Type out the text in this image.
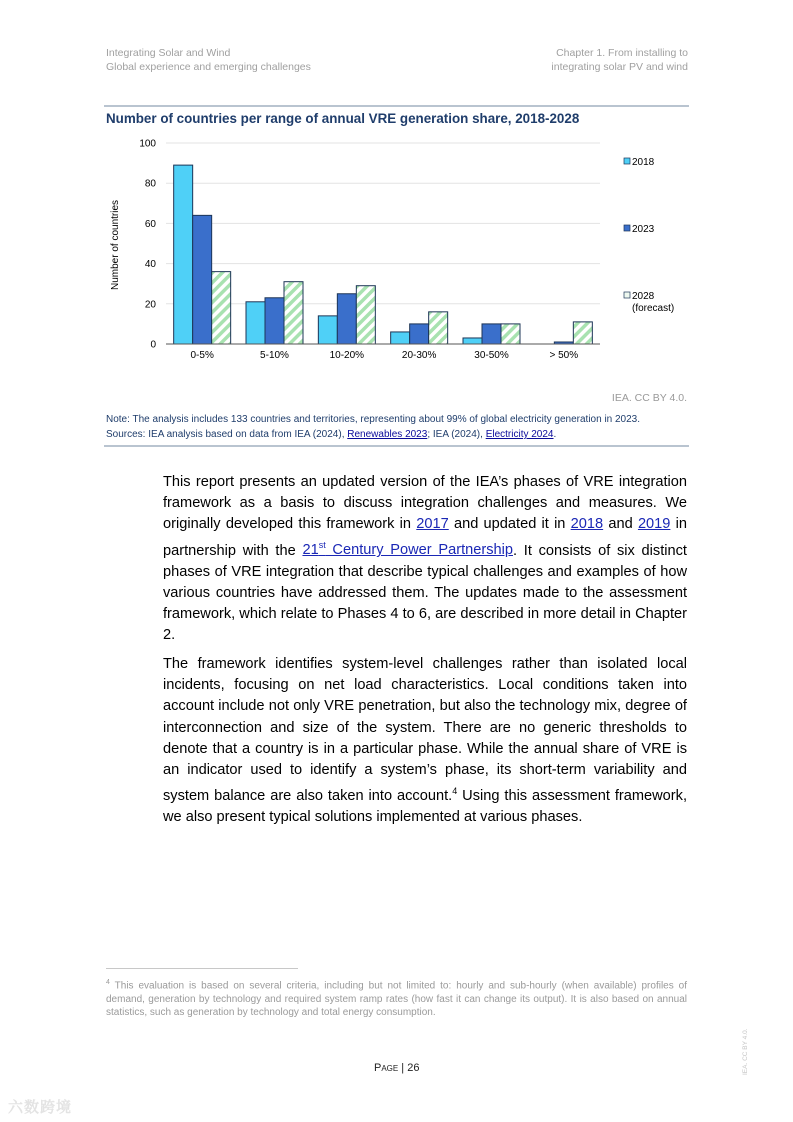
Integrating Solar and Wind
Global experience and emerging challenges
Chapter 1. From installing to
integrating solar PV and wind
Number of countries per range of annual VRE generation share, 2018-2028
0
20
40
60
80
100
Number of countries
0-5%	5-10%	10-20%	20-30%	30-50%	> 50%
2018
2023
2028
(forecast)
IEA. CC BY 4.0.
Note: The analysis includes 133 countries and territories, representing about 99% of global electricity generation in 2023.
Sources: IEA analysis based on data from IEA (2024), Renewables 2023; IEA (2024), Electricity 2024.

This report presents an updated version of the IEA’s phases of VRE integration framework as a basis to discuss integration challenges and measures. We originally developed this framework in 2017 and updated it in 2018 and 2019 in partnership with the 21st Century Power Partnership. It consists of six distinct phases of VRE integration that describe typical challenges and examples of how various countries have addressed them. The updates made to the assessment framework, which relate to Phases 4 to 6, are described in more detail in Chapter 2.

The framework identifies system-level challenges rather than isolated local incidents, focusing on net load characteristics. Local conditions taken into account include not only VRE penetration, but also the technology mix, degree of interconnection and size of the system. There are no generic thresholds to denote that a country is in a particular phase. While the annual share of VRE is an indicator used to identify a system’s phase, its short-term variability and system balance are also taken into account.$^4$ Using this assessment framework, we also present typical solutions implemented at various phases.

$^4$ This evaluation is based on several criteria, including but not limited to: hourly and sub-hourly (when available) profiles of demand, generation by technology and required system ramp rates (how fast it can change its output). It is also based on annual statistics, such as generation by technology and total energy consumption.
Page | 26	IEA. CC BY 4.0.
六数跨境
